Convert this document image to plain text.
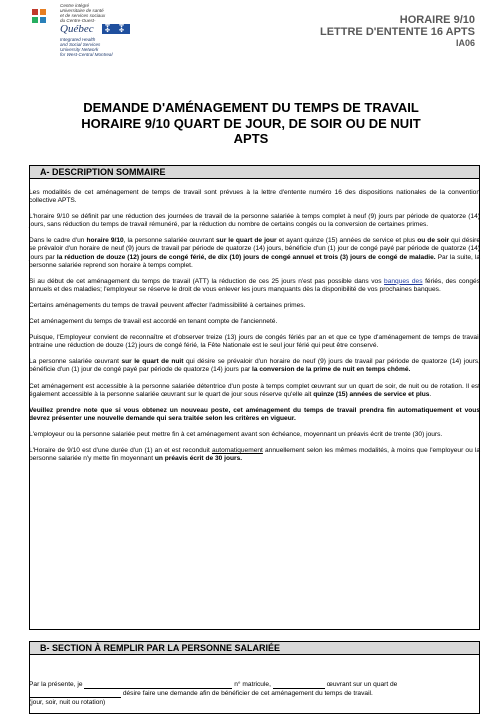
Centre intégré
universitaire de santé
et de services sociaux
du Centre-Ouest-
Québec ✤ ✤
✤ ✤
Integrated Health
and Social Services
University Network
for West-Central Montreal
HORAIRE 9/10
LETTRE D'ENTENTE 16 APTS
IA06
DEMANDE D'AMÉNAGEMENT DU TEMPS DE TRAVAIL
HORAIRE 9/10 QUART DE JOUR, DE SOIR OU DE NUIT
APTS
A- DESCRIPTION SOMMAIRE

Les modalités de cet aménagement de temps de travail sont prévues à la lettre d'entente numéro 16 des dispositions nationales de la convention collective APTS.

L'horaire 9/10 se définit par une réduction des journées de travail de la personne salariée à temps complet à neuf (9) jours par période de quatorze (14) jours, sans réduction du temps de travail rémunéré, par la réduction du nombre de certains congés ou la conversion de certaines primes.

Dans le cadre d'un horaire 9/10, la personne salariée œuvrant sur le quart de jour et ayant quinze (15) années de service et plus ou de soir qui désire se prévaloir d'un horaire de neuf (9) jours de travail par période de quatorze (14) jours, bénéficie d'un (1) jour de congé payé par période de quatorze (14) jours par la réduction de douze (12) jours de congé férié, de dix (10) jours de congé annuel et trois (3) jours de congé de maladie. Par la suite, la personne salariée reprend son horaire à temps complet.

Si au début de cet aménagement du temps de travail (ATT) la réduction de ces 25 jours n'est pas possible dans vos banques des fériés, des congés annuels et des maladies; l'employeur se réserve le droit de vous enlever les jours manquants dès la disponibilité de vos prochaines banques.

Certains aménagements du temps de travail peuvent affecter l'admissibilité à certaines primes.

Cet aménagement du temps de travail est accordé en tenant compte de l'ancienneté.

Puisque, l'Employeur convient de reconnaître et d'observer treize (13) jours de congés fériés par an et que ce type d'aménagement de temps de travail entraine une réduction de douze (12) jours de congé férié, la Fête Nationale est le seul jour férié qui peut être conservé.

La personne salariée œuvrant sur le quart de nuit qui désire se prévaloir d'un horaire de neuf (9) jours de travail par période de quatorze (14) jours, bénéficie d'un (1) jour de congé payé par période de quatorze (14) jours par la conversion de la prime de nuit en temps chômé.

Cet aménagement est accessible à la personne salariée détentrice d'un poste à temps complet œuvrant sur un quart de soir, de nuit ou de rotation. Il est également accessible à la personne salariée œuvrant sur le quart de jour sous réserve qu'elle ait quinze (15) années de service et plus.

Veuillez prendre note que si vous obtenez un nouveau poste, cet aménagement du temps de travail prendra fin automatiquement et vous devrez présenter une nouvelle demande qui sera traitée selon les critères en vigueur.

L'employeur ou la personne salariée peut mettre fin à cet aménagement avant son échéance, moyennant un préavis écrit de trente (30) jours.

L'Horaire de 9/10 est d'une durée d'un (1) an et est reconduit automatiquement annuellement selon les mêmes modalités, à moins que l'employeur ou la personne salariée n'y mette fin moyennant un préavis écrit de 30 jours.

B- SECTION À REMPLIR PAR LA PERSONNE SALARIÉE
Par la présente, je	n° matricule,	œuvrant sur un quart de
désire faire une demande afin de bénéficier de cet aménagement du temps de travail.
(jour, soir, nuit ou rotation)
